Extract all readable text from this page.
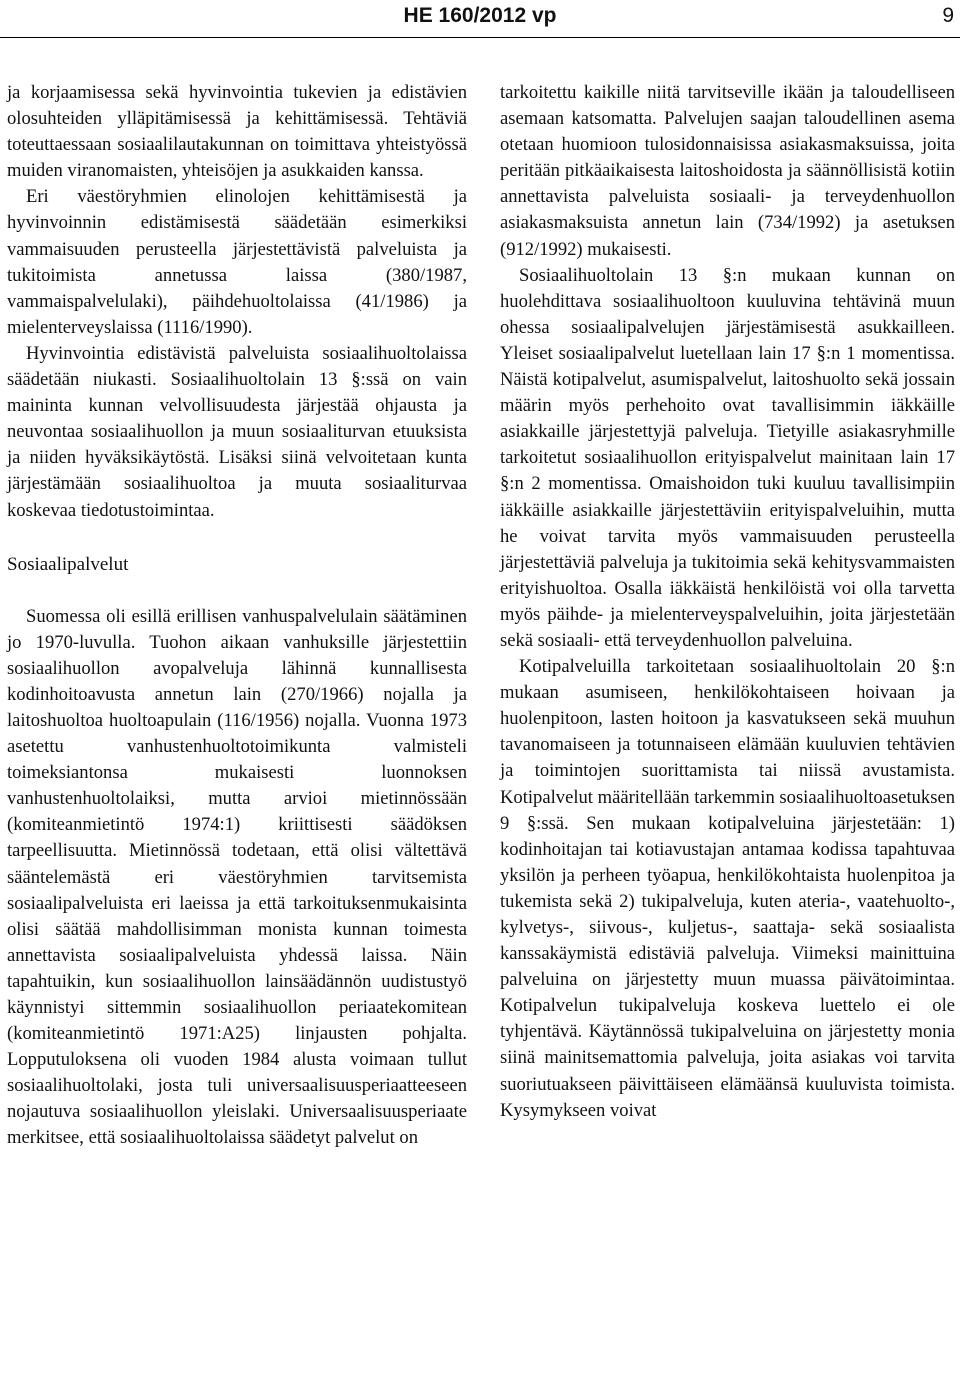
HE 160/2012 vp	9

ja korjaamisessa sekä hyvinvointia tukevien ja edistävien olosuhteiden ylläpitämisessä ja kehittämisessä. Tehtäviä toteuttaessaan sosiaalilautakunnan on toimittava yhteistyössä muiden viranomaisten, yhteisöjen ja asukkaiden kanssa.

Eri väestöryhmien elinolojen kehittämisestä ja hyvinvoinnin edistämisestä säädetään esimerkiksi vammaisuuden perusteella järjestettävistä palveluista ja tukitoimista annetussa laissa (380/1987, vammaispalvelulaki), päihdehuoltolaissa (41/1986) ja mielenterveyslaissa (1116/1990).

Hyvinvointia edistävistä palveluista sosiaalihuoltolaissa säädetään niukasti. Sosiaalihuoltolain 13 §:ssä on vain maininta kunnan velvollisuudesta järjestää ohjausta ja neuvontaa sosiaalihuollon ja muun sosiaaliturvan etuuksista ja niiden hyväksikäytöstä. Lisäksi siinä velvoitetaan kunta järjestämään sosiaalihuoltoa ja muuta sosiaaliturvaa koskevaa tiedotustoimintaa.

Sosiaalipalvelut

Suomessa oli esillä erillisen vanhuspalvelulain säätäminen jo 1970-luvulla. Tuohon aikaan vanhuksille järjestettiin sosiaalihuollon avopalveluja lähinnä kunnallisesta kodinhoitoavusta annetun lain (270/1966) nojalla ja laitoshuoltoa huoltoapulain (116/1956) nojalla. Vuonna 1973 asetettu vanhustenhuoltotoimikunta valmisteli toimeksiantonsa mukaisesti luonnoksen vanhustenhuoltolaiksi, mutta arvioi mietinnössään (komiteanmietintö 1974:1) kriittisesti säädöksen tarpeellisuutta. Mietinnössä todetaan, että olisi vältettävä sääntelemästä eri väestöryhmien tarvitsemista sosiaalipalveluista eri laeissa ja että tarkoituksenmukaisinta olisi säätää mahdollisimman monista kunnan toimesta annettavista sosiaalipalveluista yhdessä laissa. Näin tapahtuikin, kun sosiaalihuollon lainsäädännön uudistustyö käynnistyi sittemmin sosiaalihuollon periaatekomitean (komiteanmietintö 1971:A25) linjausten pohjalta. Lopputuloksena oli vuoden 1984 alusta voimaan tullut sosiaalihuoltolaki, josta tuli universaalisuusperiaatteeseen nojautuva sosiaalihuollon yleislaki. Universaalisuusperiaate merkitsee, että sosiaalihuoltolaissa säädetyt palvelut on

tarkoitettu kaikille niitä tarvitseville ikään ja taloudelliseen asemaan katsomatta. Palvelujen saajan taloudellinen asema otetaan huomioon tulosidonnaisissa asiakasmaksuissa, joita peritään pitkäaikaisesta laitoshoidosta ja säännöllisistä kotiin annettavista palveluista sosiaali- ja terveydenhuollon asiakasmaksuista annetun lain (734/1992) ja asetuksen (912/1992) mukaisesti.

Sosiaalihuoltolain 13 §:n mukaan kunnan on huolehdittava sosiaalihuoltoon kuuluvina tehtävinä muun ohessa sosiaalipalvelujen järjestämisestä asukkailleen. Yleiset sosiaalipalvelut luetellaan lain 17 §:n 1 momentissa. Näistä kotipalvelut, asumispalvelut, laitoshuolto sekä jossain määrin myös perhehoito ovat tavallisimmin iäkkäille asiakkaille järjestettyjä palveluja. Tietyille asiakasryhmille tarkoitetut sosiaalihuollon erityispalvelut mainitaan lain 17 §:n 2 momentissa. Omaishoidon tuki kuuluu tavallisimpiin iäkkäille asiakkaille järjestettäviin erityispalveluihin, mutta he voivat tarvita myös vammaisuuden perusteella järjestettäviä palveluja ja tukitoimia sekä kehitysvammaisten erityishuoltoa. Osalla iäkkäistä henkilöistä voi olla tarvetta myös päihde- ja mielenterveyspalveluihin, joita järjestetään sekä sosiaali- että terveydenhuollon palveluina.

Kotipalveluilla tarkoitetaan sosiaalihuoltolain 20 §:n mukaan asumiseen, henkilökohtaiseen hoivaan ja huolenpitoon, lasten hoitoon ja kasvatukseen sekä muuhun tavanomaiseen ja totunnaiseen elämään kuuluvien tehtävien ja toimintojen suorittamista tai niissä avustamista. Kotipalvelut määritellään tarkemmin sosiaalihuoltoasetuksen 9 §:ssä. Sen mukaan kotipalveluina järjestetään: 1) kodinhoitajan tai kotiavustajan antamaa kodissa tapahtuvaa yksilön ja perheen työapua, henkilökohtaista huolenpitoa ja tukemista sekä 2) tukipalveluja, kuten ateria-, vaatehuolto-, kylvetys-, siivous-, kuljetus-, saattaja- sekä sosiaalista kanssakäymistä edistäviä palveluja. Viimeksi mainittuina palveluina on järjestetty muun muassa päivätoimintaa. Kotipalvelun tukipalveluja koskeva luettelo ei ole tyhjentävä. Käytännössä tukipalveluina on järjestetty monia siinä mainitsemattomia palveluja, joita asiakas voi tarvita suoriutuakseen päivittäiseen elämäänsä kuuluvista toimista. Kysymykseen voivat
